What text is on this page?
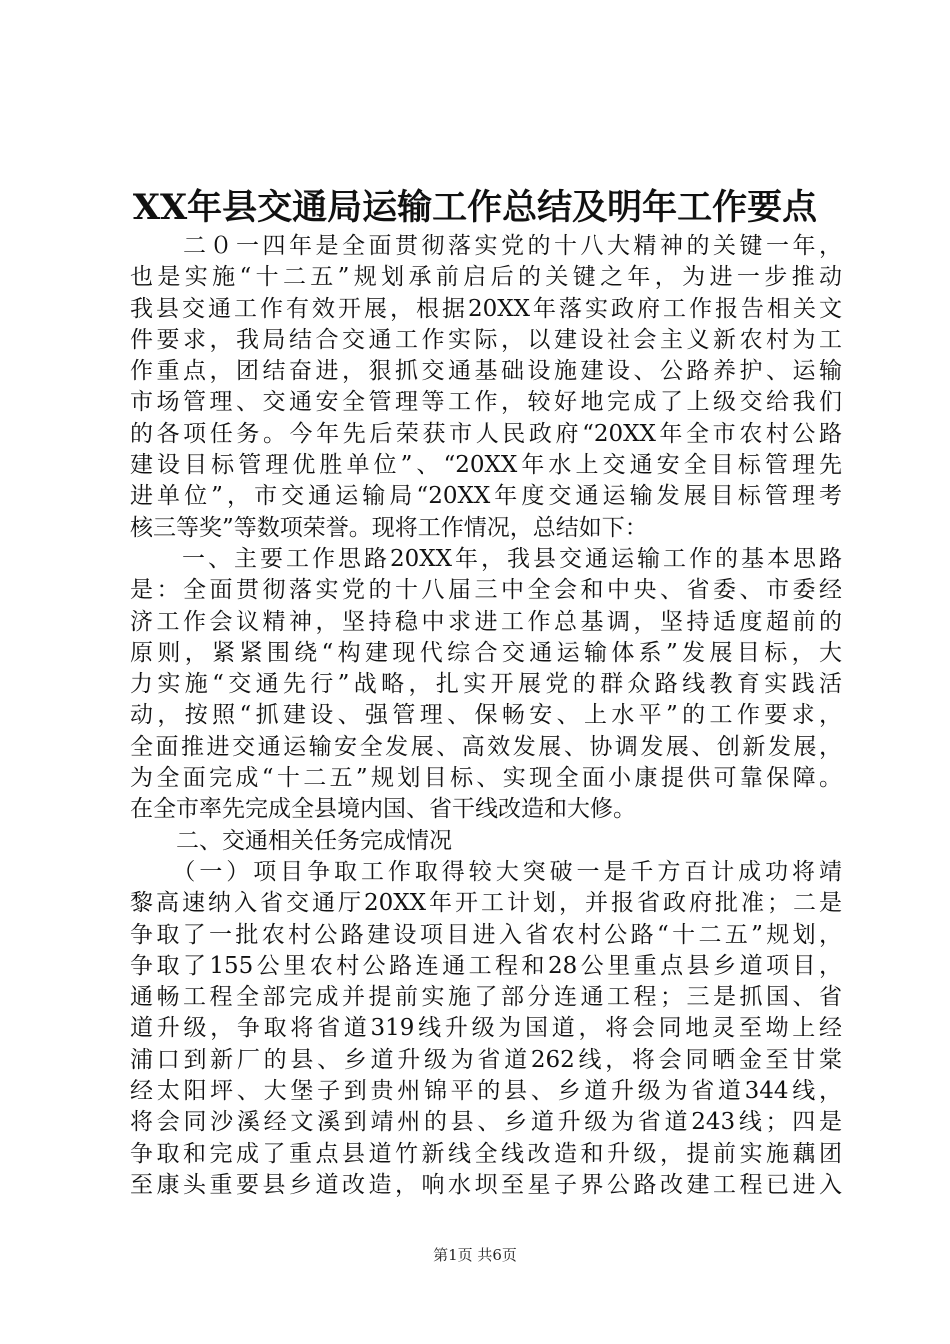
XX年县交通局运输工作总结及明年工作要点
　　二０一四年是全面贯彻落实党的十八大精神的关键一年，
也是实施“十二五”规划承前启后的关键之年，为进一步推动
我县交通工作有效开展，根据20XX年落实政府工作报告相关文
件要求，我局结合交通工作实际，以建设社会主义新农村为工
作重点，团结奋进，狠抓交通基础设施建设、公路养护、运输
市场管理、交通安全管理等工作，较好地完成了上级交给我们
的各项任务。今年先后荣获市人民政府“20XX年全市农村公路
建设目标管理优胜单位”、“20XX年水上交通安全目标管理先
进单位”，市交通运输局“20XX年度交通运输发展目标管理考
核三等奖”等数项荣誉。现将工作情况，总结如下：
　　一、主要工作思路20XX年，我县交通运输工作的基本思路
是：全面贯彻落实党的十八届三中全会和中央、省委、市委经
济工作会议精神，坚持稳中求进工作总基调，坚持适度超前的
原则，紧紧围绕“构建现代综合交通运输体系”发展目标，大
力实施“交通先行”战略，扎实开展党的群众路线教育实践活
动，按照“抓建设、强管理、保畅安、上水平”的工作要求，
全面推进交通运输安全发展、高效发展、协调发展、创新发展，
为全面完成“十二五”规划目标、实现全面小康提供可靠保障。
在全市率先完成全县境内国、省干线改造和大修。
　　二、交通相关任务完成情况
　　（一）项目争取工作取得较大突破一是千方百计成功将靖
黎高速纳入省交通厅20XX年开工计划，并报省政府批准；二是
争取了一批农村公路建设项目进入省农村公路“十二五”规划，
争取了155公里农村公路连通工程和28公里重点县乡道项目，
通畅工程全部完成并提前实施了部分连通工程；三是抓国、省
道升级，争取将省道319线升级为国道，将会同地灵至坳上经
浦口到新厂的县、乡道升级为省道262线，将会同晒金至甘棠
经太阳坪、大堡子到贵州锦平的县、乡道升级为省道344线，
将会同沙溪经文溪到靖州的县、乡道升级为省道243线；四是
争取和完成了重点县道竹新线全线改造和升级，提前实施藕团
至康头重要县乡道改造，响水坝至星子界公路改建工程已进入
第1页 共6页
